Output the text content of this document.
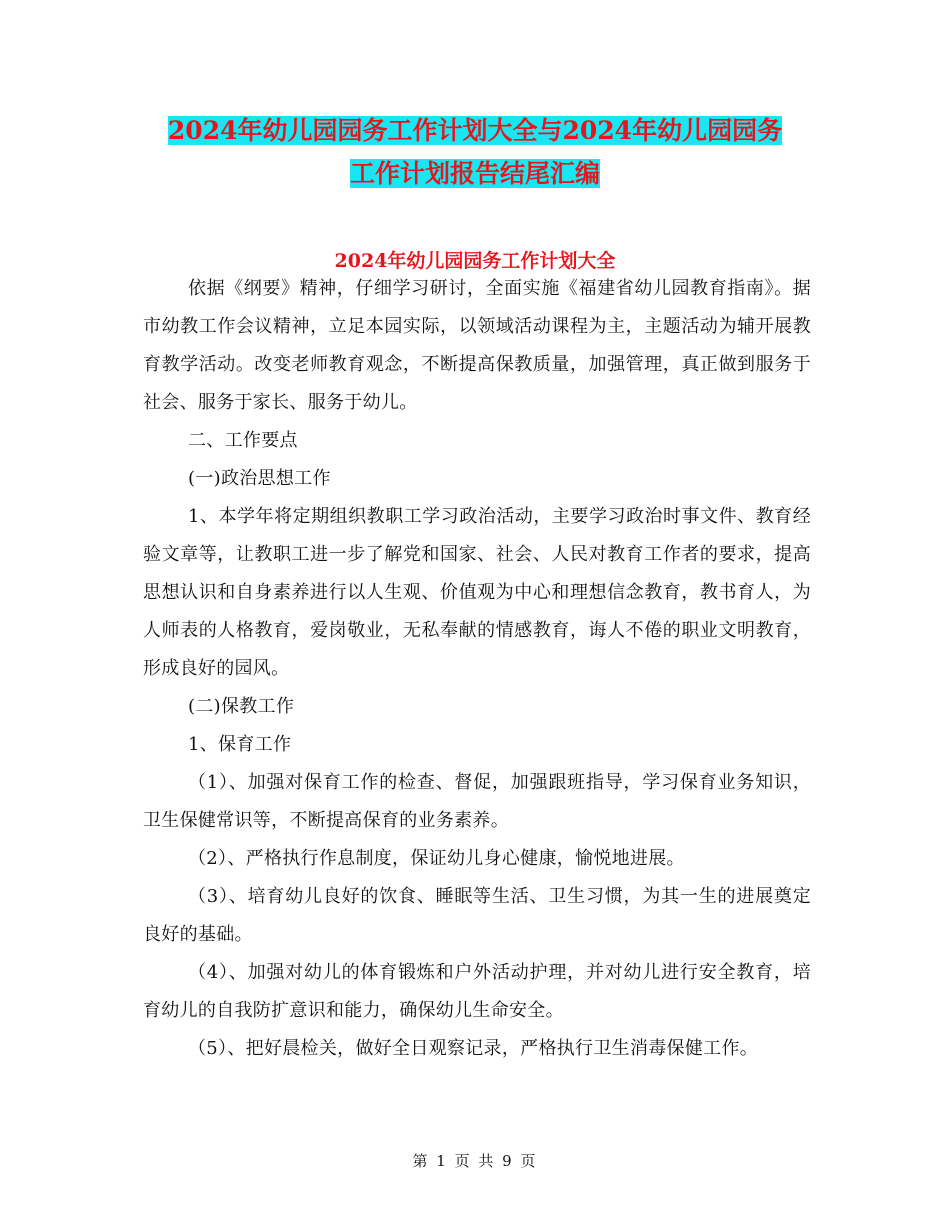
2024年幼儿园园务工作计划大全与2024年幼儿园园务
工作计划报告结尾汇编
2024年幼儿园园务工作计划大全

依据《纲要》精神，仔细学习研讨，全面实施《福建省幼儿园教育指南》。据市幼教工作会议精神，立足本园实际，以领域活动课程为主，主题活动为辅开展教育教学活动。改变老师教育观念，不断提高保教质量，加强管理，真正做到服务于社会、服务于家长、服务于幼儿。

二、工作要点

(一)政治思想工作

1、本学年将定期组织教职工学习政治活动，主要学习政治时事文件、教育经验文章等，让教职工进一步了解党和国家、社会、人民对教育工作者的要求，提高思想认识和自身素养进行以人生观、价值观为中心和理想信念教育，教书育人，为人师表的人格教育，爱岗敬业，无私奉献的情感教育，诲人不倦的职业文明教育，形成良好的园风。

(二)保教工作

1、保育工作

（1）、加强对保育工作的检查、督促，加强跟班指导，学习保育业务知识，卫生保健常识等，不断提高保育的业务素养。

（2）、严格执行作息制度，保证幼儿身心健康，愉悦地进展。

（3）、培育幼儿良好的饮食、睡眠等生活、卫生习惯，为其一生的进展奠定良好的基础。

（4）、加强对幼儿的体育锻炼和户外活动护理，并对幼儿进行安全教育，培育幼儿的自我防扩意识和能力，确保幼儿生命安全。

（5）、把好晨检关，做好全日观察记录，严格执行卫生消毒保健工作。

第 1 页 共 9 页
